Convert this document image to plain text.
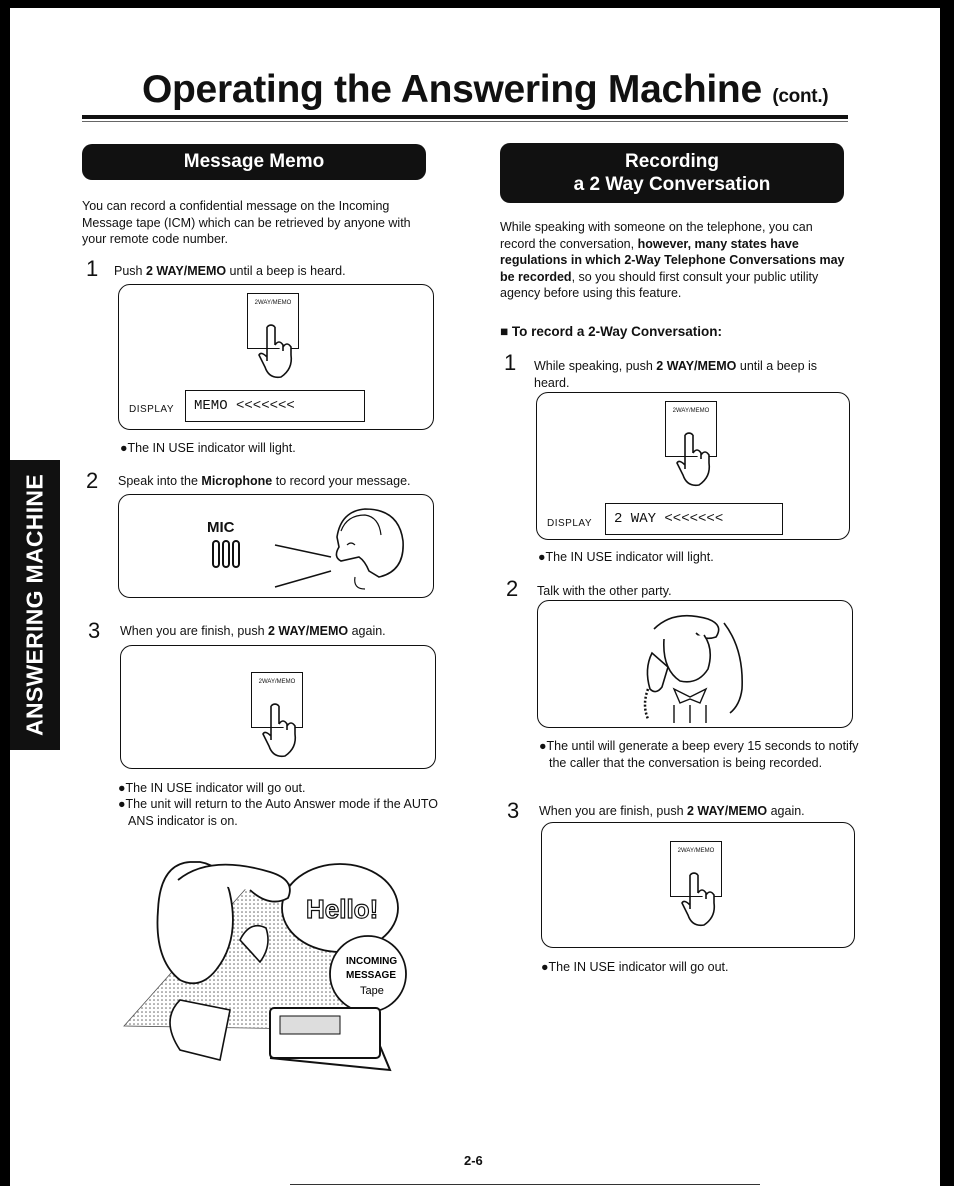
Operating the Answering Machine (cont.)
ANSWERING MACHINE
Message Memo
You can record a confidential message on the Incoming Message tape (ICM) which can be retrieved by anyone with your remote code number.
1 Push 2 WAY/MEMO until a beep is heard.
2WAY/MEMO
DISPLAY	MEMO <<<<<<<
●The IN USE indicator will light.
2 Speak into the Microphone to record your message.
MIC
3 When you are finish, push 2 WAY/MEMO again.
2WAY/MEMO
●The IN USE indicator will go out.
●The unit will return to the Auto Answer mode if the AUTO ANS indicator is on.
Hello!
INCOMING
MESSAGE
Tape
Recording
a 2 Way Conversation
While speaking with someone on the telephone, you can record the conversation, however, many states have regulations in which 2-Way Telephone Conversations may be recorded, so you should first consult your public utility agency before using this feature.
■ To record a 2-Way Conversation:
1 While speaking, push 2 WAY/MEMO until a beep is heard.
2WAY/MEMO
DISPLAY	2 WAY <<<<<<<
●The IN USE indicator will light.
2 Talk with the other party.
●The until will generate a beep every 15 seconds to notify the caller that the conversation is being recorded.
3 When you are finish, push 2 WAY/MEMO again.
2WAY/MEMO
●The IN USE indicator will go out.
2-6
